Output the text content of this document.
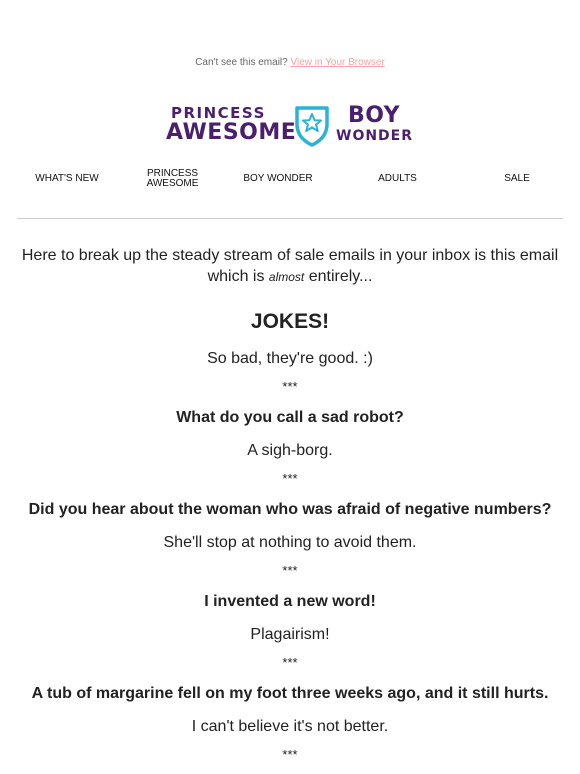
Can't see this email? View in Your Browser
PRINCESS
AWESOME
BOY
WONDER
WHAT'S NEW	PRINCESS AWESOME	BOY WONDER	ADULTS	SALE

Here to break up the steady stream of sale emails in your inbox is this email which is almost entirely...

JOKES!

So bad, they're good. :)

***

What do you call a sad robot?

A sigh-borg.

***

Did you hear about the woman who was afraid of negative numbers?

She'll stop at nothing to avoid them.

***

I invented a new word!

Plagairism!

***

A tub of margarine fell on my foot three weeks ago, and it still hurts.

I can't believe it's not better.

***
